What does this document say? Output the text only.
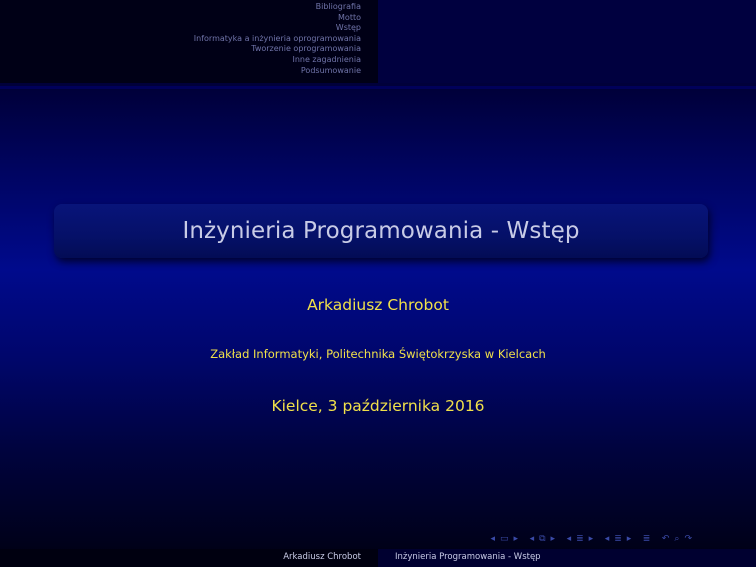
Bibliografia
Motto
Wstęp
Informatyka a inżynieria oprogramowania
Tworzenie oprogramowania
Inne zagadnienia
Podsumowanie
Inżynieria Programowania - Wstęp
Arkadiusz Chrobot
Zakład Informatyki, Politechnika Świętokrzyska w Kielcach
Kielce, 3 października 2016
◂ ▭ ▸	◂ ⧉ ▸	◂ ≣ ▸	◂ ≣ ▸	≣	↶ ⌕ ↷
Arkadiusz Chrobot	Inżynieria Programowania - Wstęp
